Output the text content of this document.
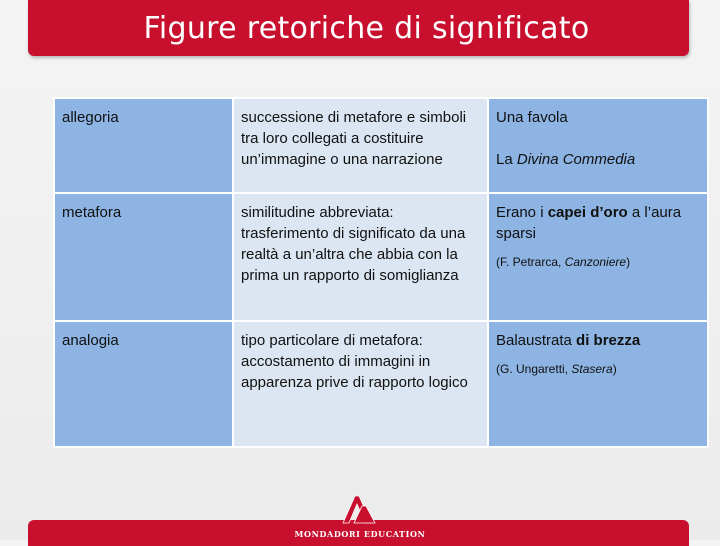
Figure retoriche di significato
allegoria	successione di metafore e simboli tra loro collegati a costituire un’immagine o una narrazione	Una favola
La Divina Commedia

metafora	similitudine abbreviata: trasferimento di significato da una realtà a un’altra che abbia con la prima un rapporto di somiglianza	Erano i capei d’oro a l’aura sparsi
(F. Petrarca, Canzoniere)

analogia	tipo particolare di metafora: accostamento di immagini in apparenza prive di rapporto logico	Balaustrata di brezza
(G. Ungaretti, Stasera)
MONDADORI EDUCATION
